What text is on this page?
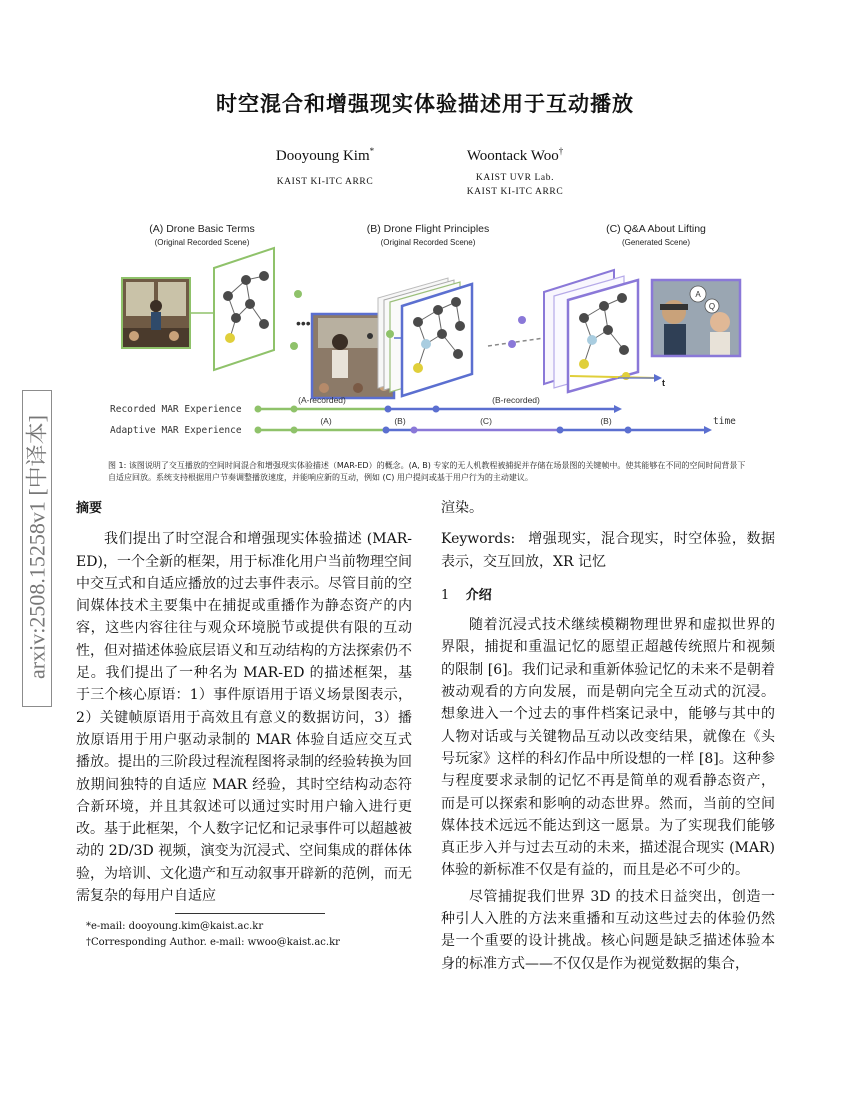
arxiv:2508.15258v1 [中译本]
时空混合和增强现实体验描述用于互动播放
Dooyoung Kim*
KAIST KI-ITC ARRC
Woontack Woo†
KAIST UVR Lab.
KAIST KI-ITC ARRC
(A) Drone Basic Terms
(Original Recorded Scene)
(B) Drone Flight Principles
(Original Recorded Scene)
(C) Q&A About Lifting
(Generated Scene)
•••
A
Q
t
Recorded MAR Experience
Adaptive MAR Experience
time
(A-recorded)	(B-recorded)
(A)	(B)	(C)	(B)
图 1: 该图说明了交互播放的空间时间混合和增强现实体验描述（MAR-ED）的概念。(A, B) 专家的无人机教程被捕捉并存储在场景图的关键帧中。使其能够在不同的空间时间背景下自适应回放。系统支持根据用户节奏调整播放速度，并能响应新的互动，例如 (C) 用户提问或基于用户行为的主动建议。
摘要

我们提出了时空混合和增强现实体验描述 (MAR-ED)，一个全新的框架，用于标准化用户当前物理空间中交互式和自适应播放的过去事件表示。尽管目前的空间媒体技术主要集中在捕捉或重播作为静态资产的内容，这些内容往往与观众环境脱节或提供有限的互动性，但对描述体验底层语义和互动结构的方法探索仍不足。我们提出了一种名为 MAR-ED 的描述框架，基于三个核心原语：1）事件原语用于语义场景图表示，2）关键帧原语用于高效且有意义的数据访问，3）播放原语用于用户驱动录制的 MAR 体验自适应交互式播放。提出的三阶段过程流程图将录制的经验转换为回放期间独特的自适应 MAR 经验，其时空结构动态符合新环境，并且其叙述可以通过实时用户输入进行更改。基于此框架，个人数字记忆和记录事件可以超越被动的 2D/3D 视频，演变为沉浸式、空间集成的群体体验，为培训、文化遗产和互动叙事开辟新的范例，而无需复杂的每用户自适应

*e-mail: dooyoung.kim@kaist.ac.kr
†Corresponding Author. e-mail: wwoo@kaist.ac.kr
渲染。
Keywords: 增强现实，混合现实，时空体验，数据表示，交互回放，XR 记忆
1 介绍

随着沉浸式技术继续模糊物理世界和虚拟世界的界限，捕捉和重温记忆的愿望正超越传统照片和视频的限制 [6]。我们记录和重新体验记忆的未来不是朝着被动观看的方向发展，而是朝向完全互动式的沉浸。想象进入一个过去的事件档案记录中，能够与其中的人物对话或与关键物品互动以改变结果，就像在《头号玩家》这样的科幻作品中所设想的一样 [8]。这种参与程度要求录制的记忆不再是简单的观看静态资产，而是可以探索和影响的动态世界。然而，当前的空间媒体技术远远不能达到这一愿景。为了实现我们能够真正步入并与过去互动的未来，描述混合现实 (MAR) 体验的新标准不仅是有益的，而且是必不可少的。

尽管捕捉我们世界 3D 的技术日益突出，创造一种引人入胜的方法来重播和互动这些过去的体验仍然是一个重要的设计挑战。核心问题是缺乏描述体验本身的标准方式——不仅仅是作为视觉数据的集合，
